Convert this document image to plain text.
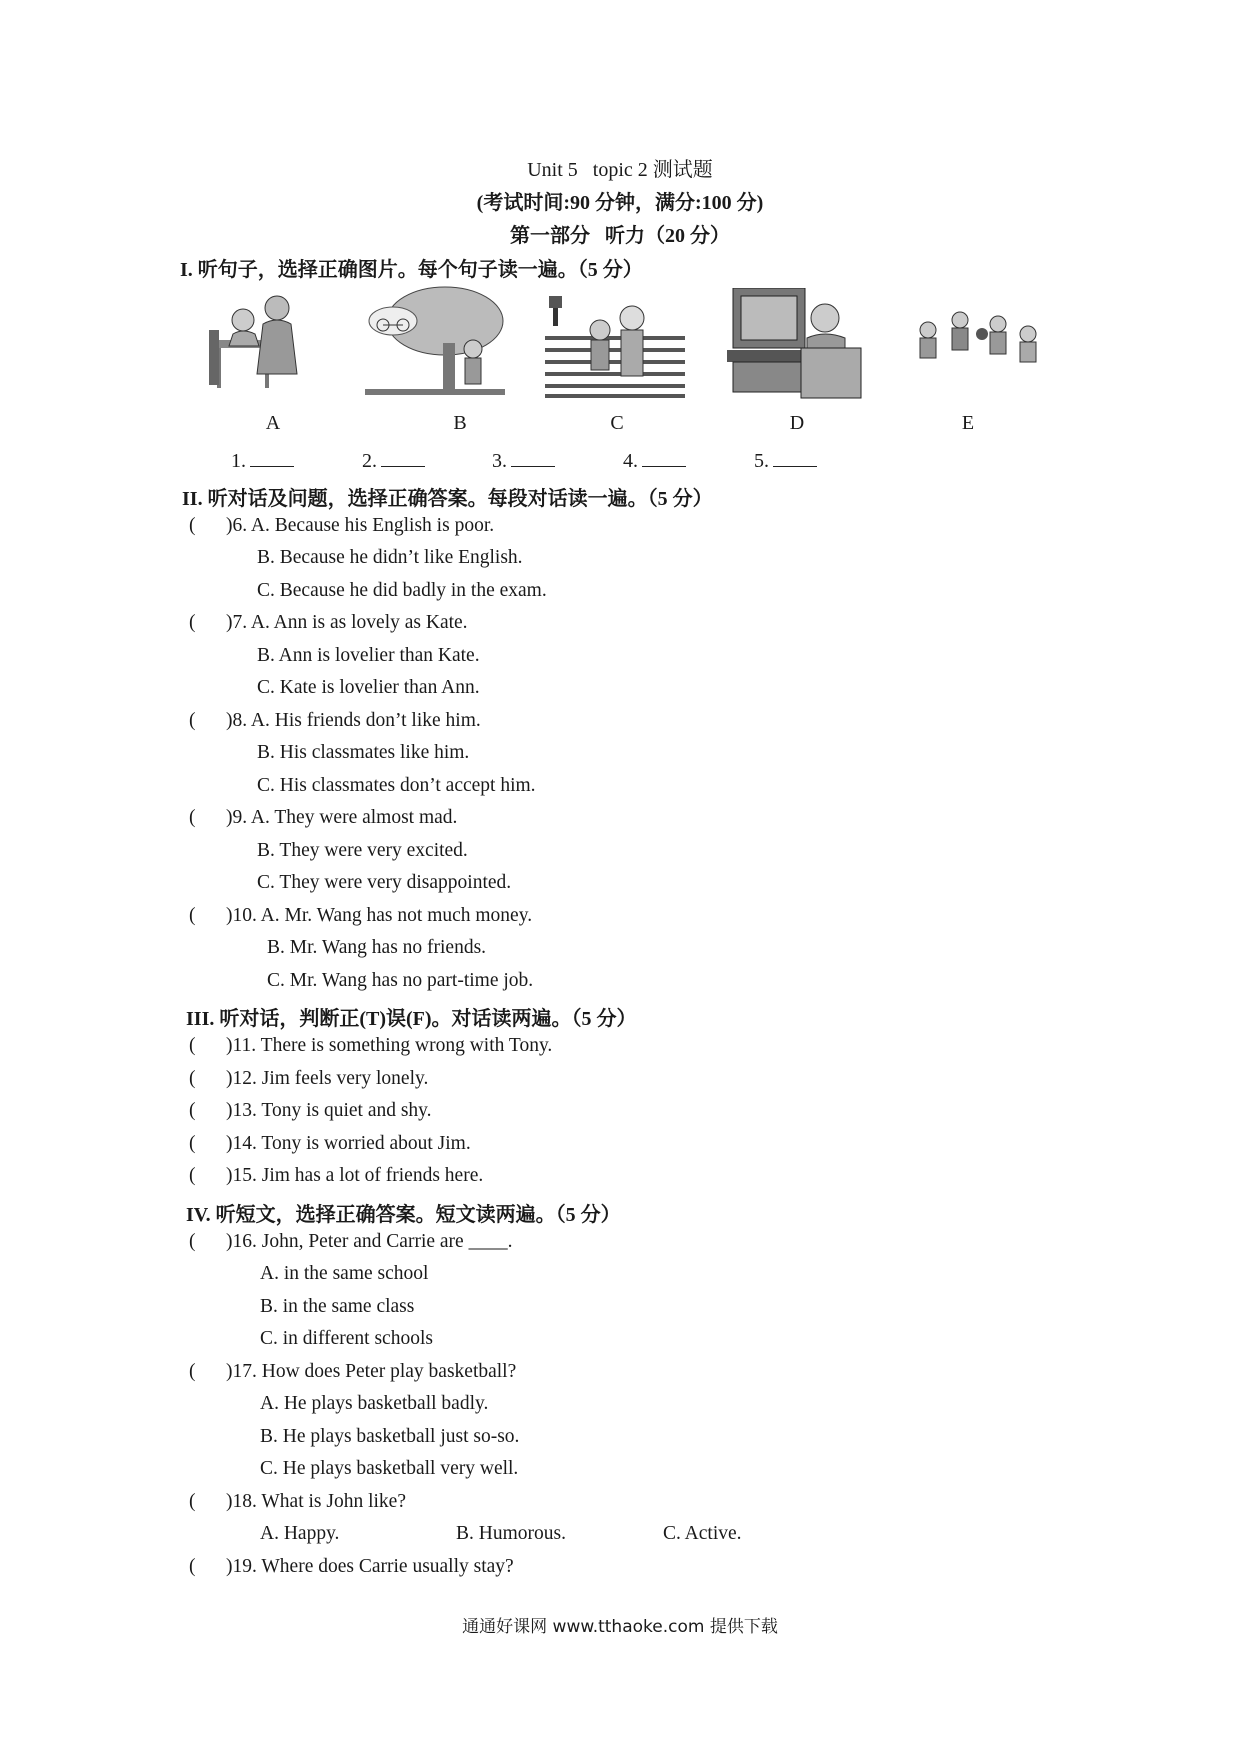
Unit 5   topic 2 测试题
(考试时间:90 分钟，满分:100 分)
第一部分   听力（20 分）
I. 听句子，选择正确图片。每个句子读一遍。（5 分）
A	B	C	D	E
1.	2.	3.	4.	5.
II. 听对话及问题，选择正确答案。每段对话读一遍。（5 分）
( )6. A. Because his English is poor.
B. Because he didn’t like English.
C. Because he did badly in the exam.
( )7. A. Ann is as lovely as Kate.
B. Ann is lovelier than Kate.
C. Kate is lovelier than Ann.
( )8. A. His friends don’t like him.
B. His classmates like him.
C. His classmates don’t accept him.
( )9. A. They were almost mad.
B. They were very excited.
C. They were very disappointed.
( )10. A. Mr. Wang has not much money.
B. Mr. Wang has no friends.
C. Mr. Wang has no part-time job.
III. 听对话，判断正(T)误(F)。对话读两遍。（5 分）
( )11. There is something wrong with Tony.
( )12. Jim feels very lonely.
( )13. Tony is quiet and shy.
( )14. Tony is worried about Jim.
( )15. Jim has a lot of friends here.
IV. 听短文，选择正确答案。短文读两遍。（5 分）
( )16. John, Peter and Carrie are ____.
A. in the same school
B. in the same class
C. in different schools
( )17. How does Peter play basketball?
A. He plays basketball badly.
B. He plays basketball just so-so.
C. He plays basketball very well.
( )18. What is John like?
A. Happy.	B. Humorous.	C. Active.
( )19. Where does Carrie usually stay?
通通好课网 www.tthaoke.com 提供下载
